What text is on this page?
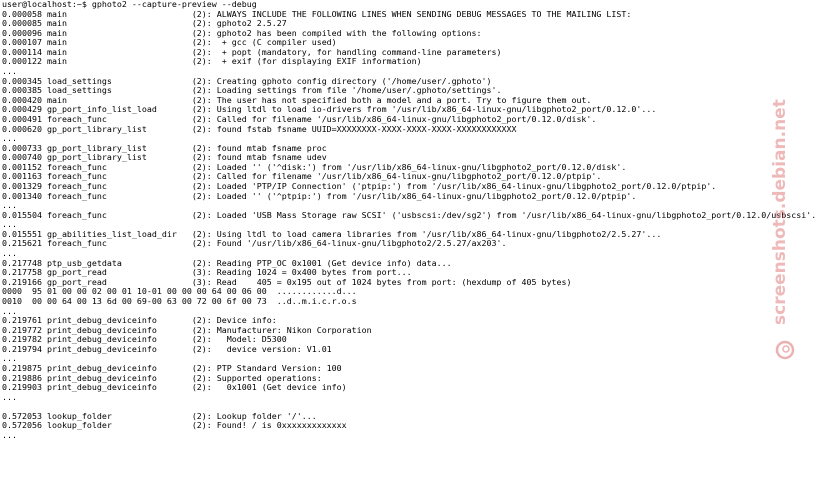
user@localhost:~$ gphoto2 --capture-preview --debug
0.000058 main                         (2): ALWAYS INCLUDE THE FOLLOWING LINES WHEN SENDING DEBUG MESSAGES TO THE MAILING LIST:
0.000085 main                         (2): gphoto2 2.5.27
0.000096 main                         (2): gphoto2 has been compiled with the following options:
0.000107 main                         (2):  + gcc (C compiler used)
0.000114 main                         (2):  + popt (mandatory, for handling command-line parameters)
0.000122 main                         (2):  + exif (for displaying EXIF information)
...
0.000345 load_settings                (2): Creating gphoto config directory ('/home/user/.gphoto')
0.000385 load_settings                (2): Loading settings from file '/home/user/.gphoto/settings'.
0.000420 main                         (2): The user has not specified both a model and a port. Try to figure them out.
0.000429 gp_port_info_list_load       (2): Using ltdl to load io-drivers from '/usr/lib/x86_64-linux-gnu/libgphoto2_port/0.12.0'...
0.000491 foreach_func                 (2): Called for filename '/usr/lib/x86_64-linux-gnu/libgphoto2_port/0.12.0/disk'.
0.000620 gp_port_library_list         (2): found fstab fsname UUID=XXXXXXXX-XXXX-XXXX-XXXX-XXXXXXXXXXXX
...
0.000733 gp_port_library_list         (2): found mtab fsname proc
0.000740 gp_port_library_list         (2): found mtab fsname udev
0.001152 foreach_func                 (2): Loaded '' ('^disk:') from '/usr/lib/x86_64-linux-gnu/libgphoto2_port/0.12.0/disk'.
0.001163 foreach_func                 (2): Called for filename '/usr/lib/x86_64-linux-gnu/libgphoto2_port/0.12.0/ptpip'.
0.001329 foreach_func                 (2): Loaded 'PTP/IP Connection' ('ptpip:') from '/usr/lib/x86_64-linux-gnu/libgphoto2_port/0.12.0/ptpip'.
0.001340 foreach_func                 (2): Loaded '' ('^ptpip:') from '/usr/lib/x86_64-linux-gnu/libgphoto2_port/0.12.0/ptpip'.
...
0.015504 foreach_func                 (2): Loaded 'USB Mass Storage raw SCSI' ('usbscsi:/dev/sg2') from '/usr/lib/x86_64-linux-gnu/libgphoto2_port/0.12.0/usbscsi'.
...
0.015551 gp_abilities_list_load_dir   (2): Using ltdl to load camera libraries from '/usr/lib/x86_64-linux-gnu/libgphoto2/2.5.27'...
0.215621 foreach_func                 (2): Found '/usr/lib/x86_64-linux-gnu/libgphoto2/2.5.27/ax203'.
...
0.217748 ptp_usb_getdata              (2): Reading PTP_OC 0x1001 (Get device info) data...
0.217758 gp_port_read                 (3): Reading 1024 = 0x400 bytes from port...
0.219166 gp_port_read                 (3): Read    405 = 0x195 out of 1024 bytes from port: (hexdump of 405 bytes)
0000  95 01 00 00 02 00 01 10-01 00 00 00 64 00 06 00  ............d...
0010  00 00 64 00 13 6d 00 69-00 63 00 72 00 6f 00 73  ..d..m.i.c.r.o.s
...
0.219761 print_debug_deviceinfo       (2): Device info:
0.219772 print_debug_deviceinfo       (2): Manufacturer: Nikon Corporation
0.219782 print_debug_deviceinfo       (2):   Model: D5300
0.219794 print_debug_deviceinfo       (2):   device version: V1.01
...
0.219875 print_debug_deviceinfo       (2): PTP Standard Version: 100
0.219886 print_debug_deviceinfo       (2): Supported operations:
0.219903 print_debug_deviceinfo       (2):   0x1001 (Get device info)
...
0.572053 lookup_folder                (2): Lookup folder '/'...
0.572056 lookup_folder                (2): Found! / is 0xxxxxxxxxxxxx
...
screenshots.debian.net
